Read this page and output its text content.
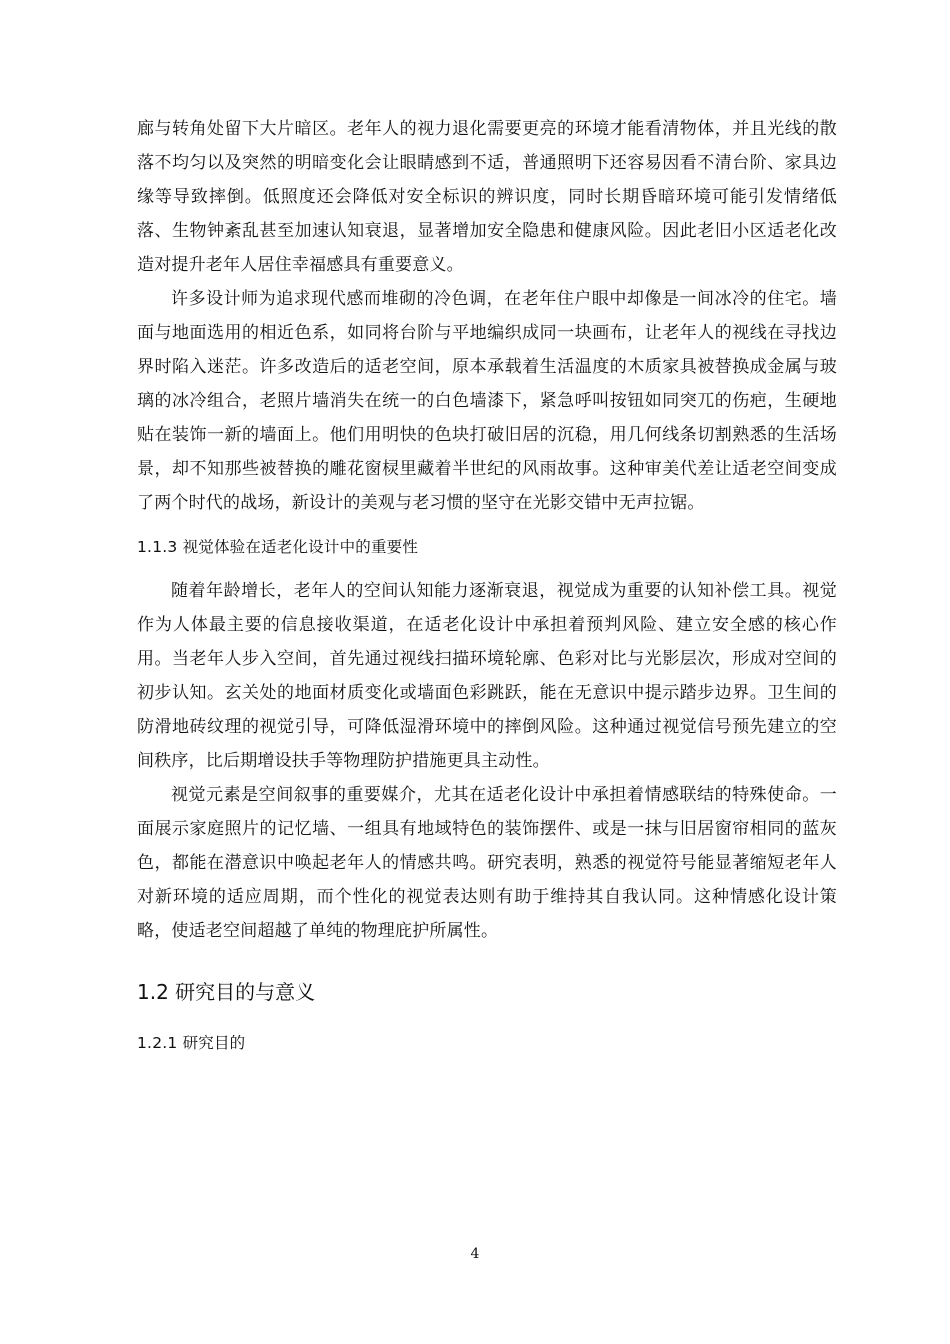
廊与转角处留下大片暗区。老年人的视力退化需要更亮的环境才能看清物体，并且光线的散落不均匀以及突然的明暗变化会让眼睛感到不适，普通照明下还容易因看不清台阶、家具边缘等导致摔倒。低照度还会降低对安全标识的辨识度，同时长期昏暗环境可能引发情绪低落、生物钟紊乱甚至加速认知衰退，显著增加安全隐患和健康风险。因此老旧小区适老化改造对提升老年人居住幸福感具有重要意义。

许多设计师为追求现代感而堆砌的冷色调，在老年住户眼中却像是一间冰冷的住宅。墙面与地面选用的相近色系，如同将台阶与平地编织成同一块画布，让老年人的视线在寻找边界时陷入迷茫。许多改造后的适老空间，原本承载着生活温度的木质家具被替换成金属与玻璃的冰冷组合，老照片墙消失在统一的白色墙漆下，紧急呼叫按钮如同突兀的伤疤，生硬地贴在装饰一新的墙面上。他们用明快的色块打破旧居的沉稳，用几何线条切割熟悉的生活场景，却不知那些被替换的雕花窗棂里藏着半世纪的风雨故事。这种审美代差让适老空间变成了两个时代的战场，新设计的美观与老习惯的坚守在光影交错中无声拉锯。

1.1.3 视觉体验在适老化设计中的重要性

随着年龄增长，老年人的空间认知能力逐渐衰退，视觉成为重要的认知补偿工具。视觉作为人体最主要的信息接收渠道，在适老化设计中承担着预判风险、建立安全感的核心作用。当老年人步入空间，首先通过视线扫描环境轮廓、色彩对比与光影层次，形成对空间的初步认知。玄关处的地面材质变化或墙面色彩跳跃，能在无意识中提示踏步边界。卫生间的防滑地砖纹理的视觉引导，可降低湿滑环境中的摔倒风险。这种通过视觉信号预先建立的空间秩序，比后期增设扶手等物理防护措施更具主动性。

视觉元素是空间叙事的重要媒介，尤其在适老化设计中承担着情感联结的特殊使命。一面展示家庭照片的记忆墙、一组具有地域特色的装饰摆件、或是一抹与旧居窗帘相同的蓝灰色，都能在潜意识中唤起老年人的情感共鸣。研究表明，熟悉的视觉符号能显著缩短老年人对新环境的适应周期，而个性化的视觉表达则有助于维持其自我认同。这种情感化设计策略，使适老空间超越了单纯的物理庇护所属性。

1.2 研究目的与意义
1.2.1 研究目的
4
